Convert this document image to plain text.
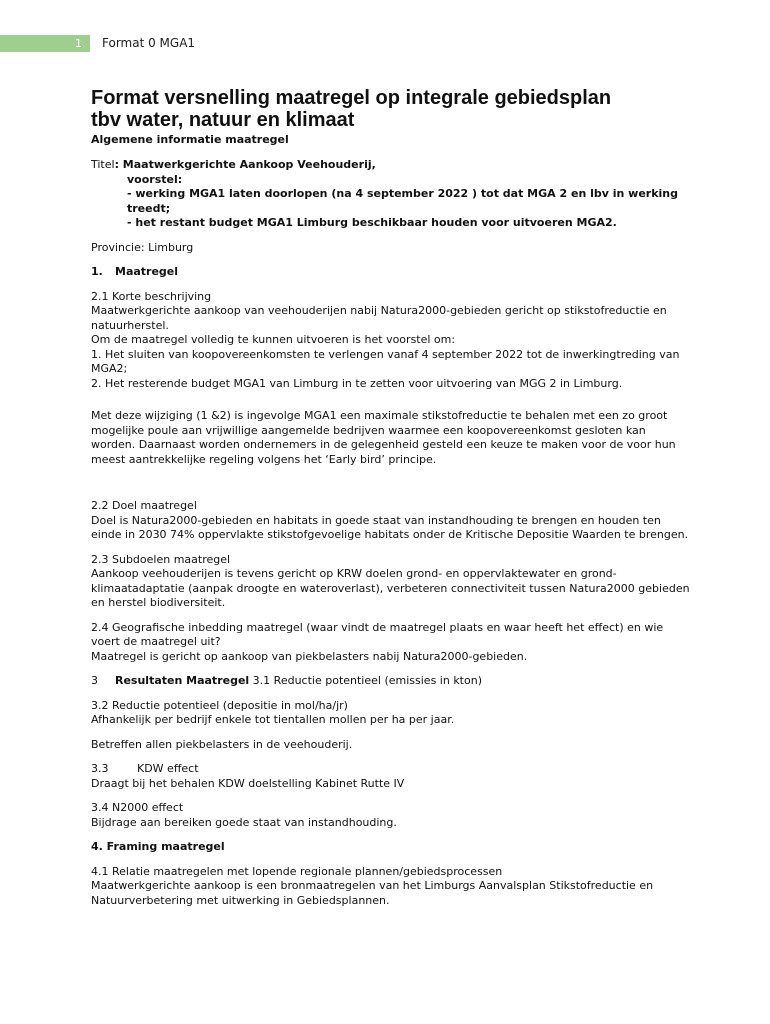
1	Format 0 MGA1
Format versnelling maatregel op integrale gebiedsplan
tbv water, natuur en klimaat
Algemene informatie maatregel

Titel: Maatwerkgerichte Aankoop Veehouderij,

voorstel:

- werking MGA1 laten doorlopen (na 4 september 2022 ) tot dat MGA 2 en lbv in werking treedt;

- het restant budget MGA1 Limburg beschikbaar houden voor uitvoeren MGA2.

Provincie: Limburg

1. Maatregel

2.1 Korte beschrijving

Maatwerkgerichte aankoop van veehouderijen nabij Natura2000-gebieden gericht op stikstofreductie en natuurherstel.

Om de maatregel volledig te kunnen uitvoeren is het voorstel om:

1. Het sluiten van koopovereenkomsten te verlengen vanaf 4 september 2022 tot de inwerkingtreding van MGA2;

2. Het resterende budget MGA1 van Limburg in te zetten voor uitvoering van MGG 2 in Limburg.

Met deze wijziging (1 &2) is ingevolge MGA1 een maximale stikstofreductie te behalen met een zo groot mogelijke poule aan vrijwillige aangemelde bedrijven waarmee een koopovereenkomst gesloten kan worden. Daarnaast worden ondernemers in de gelegenheid gesteld een keuze te maken voor de voor hun meest aantrekkelijke regeling volgens het ‘Early bird’ principe.

2.2 Doel maatregel

Doel is Natura2000-gebieden en habitats in goede staat van instandhouding te brengen en houden ten einde in 2030 74% oppervlakte stikstofgevoelige habitats onder de Kritische Depositie Waarden te brengen.

2.3 Subdoelen maatregel

Aankoop veehouderijen is tevens gericht op KRW doelen grond- en oppervlaktewater en grond-klimaatadaptatie (aanpak droogte en wateroverlast), verbeteren connectiviteit tussen Natura2000 gebieden en herstel biodiversiteit.

2.4 Geografische inbedding maatregel (waar vindt de maatregel plaats en waar heeft het effect) en wie voert de maatregel uit?

Maatregel is gericht op aankoop van piekbelasters nabij Natura2000-gebieden.

3 Resultaten Maatregel 3.1 Reductie potentieel (emissies in kton)

3.2 Reductie potentieel (depositie in mol/ha/jr)

Afhankelijk per bedrijf enkele tot tientallen mollen per ha per jaar.

Betreffen allen piekbelasters in de veehouderij.

3.3	KDW effect

Draagt bij het behalen KDW doelstelling Kabinet Rutte IV

3.4 N2000 effect

Bijdrage aan bereiken goede staat van instandhouding.

4. Framing maatregel

4.1 Relatie maatregelen met lopende regionale plannen/gebiedsprocessen

Maatwerkgerichte aankoop is een bronmaatregelen van het Limburgs Aanvalsplan Stikstofreductie en Natuurverbetering met uitwerking in Gebiedsplannen.
